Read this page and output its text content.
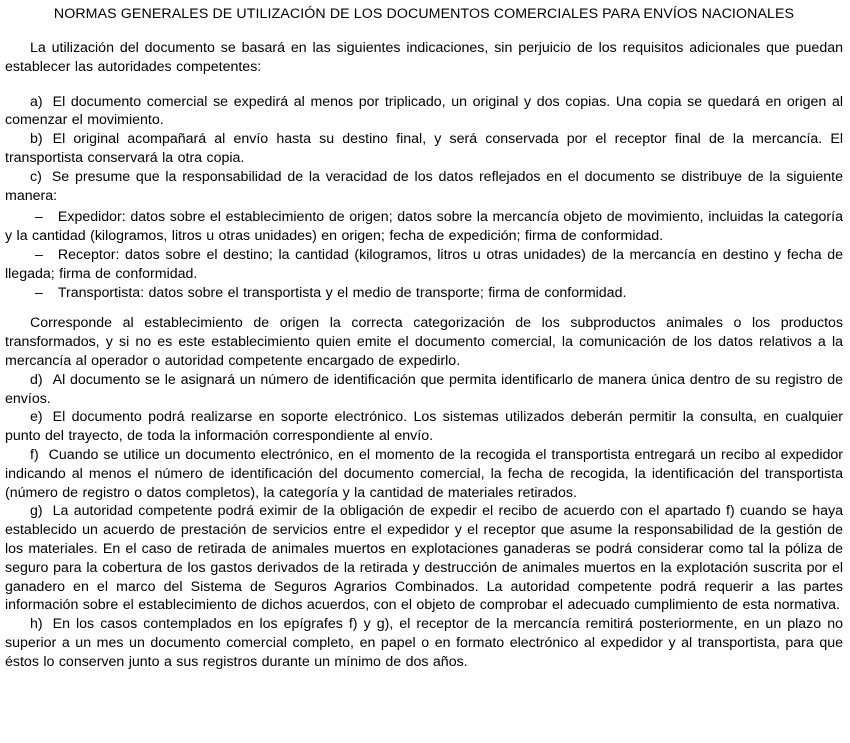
NORMAS GENERALES DE UTILIZACIÓN DE LOS DOCUMENTOS COMERCIALES PARA ENVÍOS NACIONALES

La utilización del documento se basará en las siguientes indicaciones, sin perjuicio de los requisitos adicionales que puedan establecer las autoridades competentes:

a) El documento comercial se expedirá al menos por triplicado, un original y dos copias. Una copia se quedará en origen al comenzar el movimiento.

b) El original acompañará al envío hasta su destino final, y será conservada por el receptor final de la mercancía. El transportista conservará la otra copia.

c) Se presume que la responsabilidad de la veracidad de los datos reflejados en el documento se distribuye de la siguiente manera:

– Expedidor: datos sobre el establecimiento de origen; datos sobre la mercancía objeto de movimiento, incluidas la categoría y la cantidad (kilogramos, litros u otras unidades) en origen; fecha de expedición; firma de conformidad.

– Receptor: datos sobre el destino; la cantidad (kilogramos, litros u otras unidades) de la mercancía en destino y fecha de llegada; firma de conformidad.

– Transportista: datos sobre el transportista y el medio de transporte; firma de conformidad.

Corresponde al establecimiento de origen la correcta categorización de los subproductos animales o los productos transformados, y si no es este establecimiento quien emite el documento comercial, la comunicación de los datos relativos a la mercancía al operador o autoridad competente encargado de expedirlo.

d) Al documento se le asignará un número de identificación que permita identificarlo de manera única dentro de su registro de envíos.

e) El documento podrá realizarse en soporte electrónico. Los sistemas utilizados deberán permitir la consulta, en cualquier punto del trayecto, de toda la información correspondiente al envío.

f) Cuando se utilice un documento electrónico, en el momento de la recogida el transportista entregará un recibo al expedidor indicando al menos el número de identificación del documento comercial, la fecha de recogida, la identificación del transportista (número de registro o datos completos), la categoría y la cantidad de materiales retirados.

g) La autoridad competente podrá eximir de la obligación de expedir el recibo de acuerdo con el apartado f) cuando se haya establecido un acuerdo de prestación de servicios entre el expedidor y el receptor que asume la responsabilidad de la gestión de los materiales. En el caso de retirada de animales muertos en explotaciones ganaderas se podrá considerar como tal la póliza de seguro para la cobertura de los gastos derivados de la retirada y destrucción de animales muertos en la explotación suscrita por el ganadero en el marco del Sistema de Seguros Agrarios Combinados. La autoridad competente podrá requerir a las partes información sobre el establecimiento de dichos acuerdos, con el objeto de comprobar el adecuado cumplimiento de esta normativa.

h) En los casos contemplados en los epígrafes f) y g), el receptor de la mercancía remitirá posteriormente, en un plazo no superior a un mes un documento comercial completo, en papel o en formato electrónico al expedidor y al transportista, para que éstos lo conserven junto a sus registros durante un mínimo de dos años.
